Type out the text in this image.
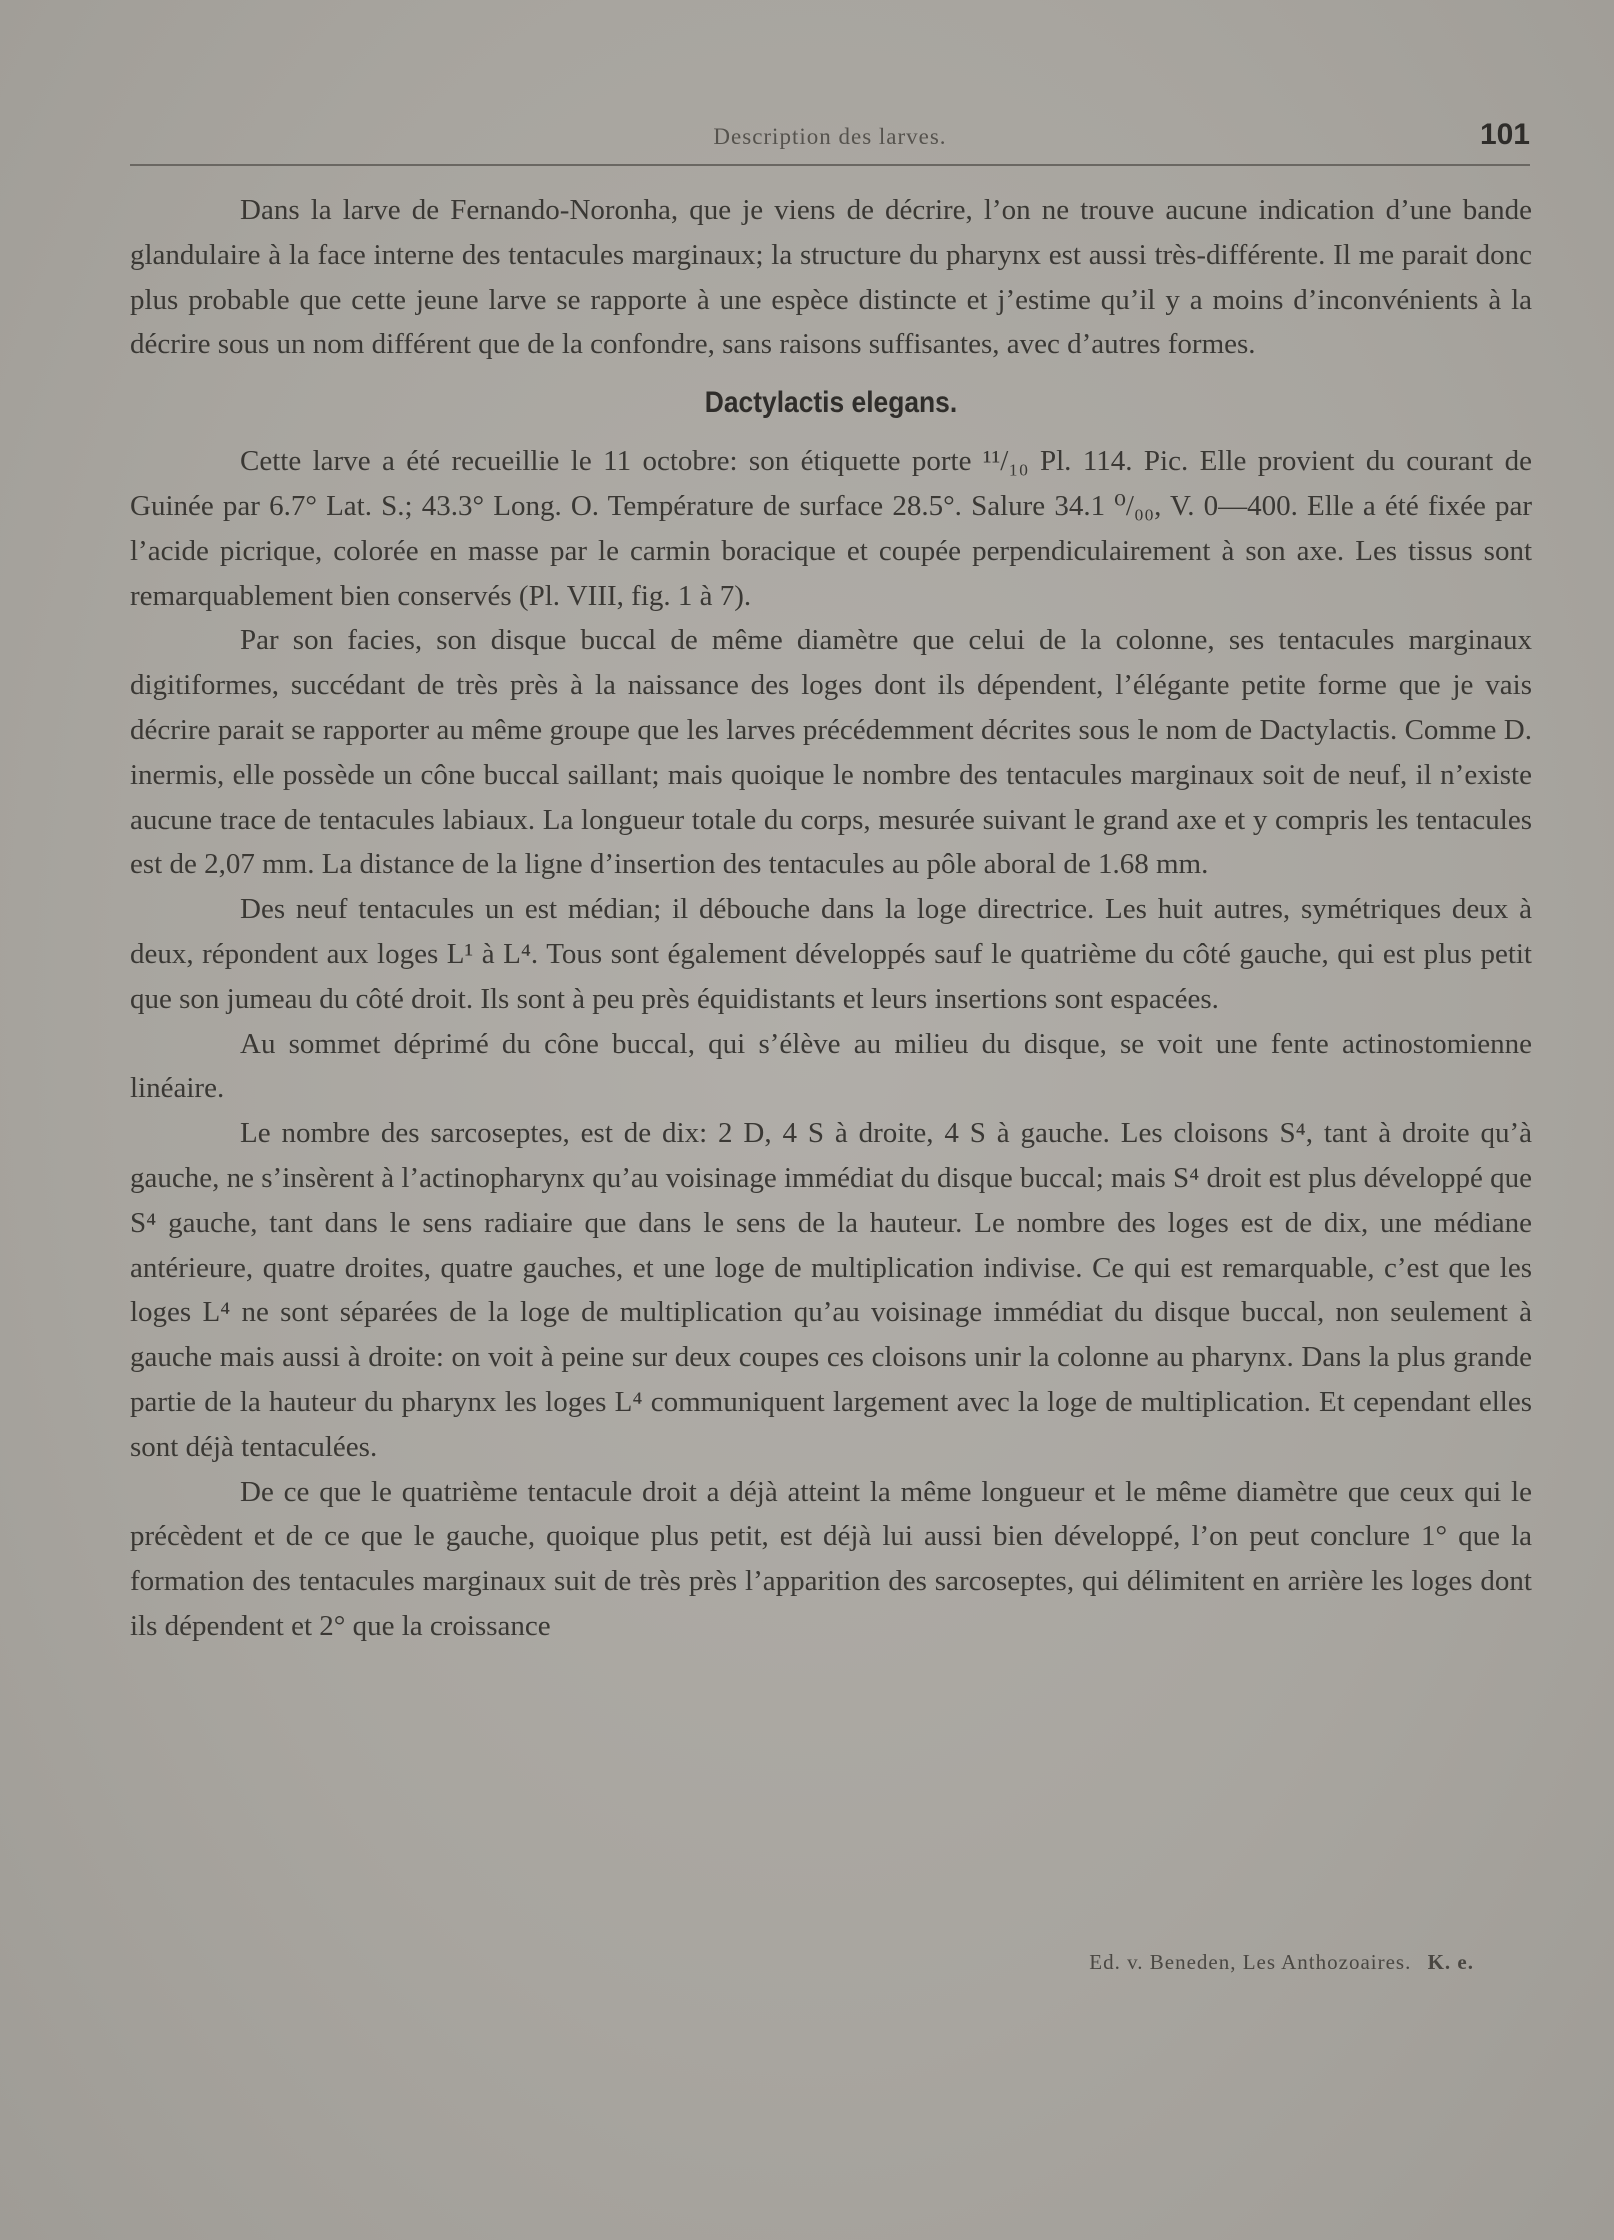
Description des larves.	101

Dans la larve de Fernando-Noronha, que je viens de décrire, l’on ne trouve aucune indication d’une bande glandulaire à la face interne des tentacules marginaux; la structure du pharynx est aussi très-différente. Il me parait donc plus probable que cette jeune larve se rapporte à une espèce distincte et j’estime qu’il y a moins d’inconvénients à la décrire sous un nom différent que de la confondre, sans raisons suffisantes, avec d’autres formes.

Dactylactis elegans.

Cette larve a été recueillie le 11 octobre: son étiquette porte ¹¹/₁₀ Pl. 114. Pic. Elle provient du courant de Guinée par 6.7° Lat. S.; 43.3° Long. O. Température de surface 28.5°. Salure 34.1 ⁰/₀₀, V. 0—400. Elle a été fixée par l’acide picrique, colorée en masse par le carmin boracique et coupée perpendiculairement à son axe. Les tissus sont remarquablement bien conservés (Pl. VIII, fig. 1 à 7).

Par son facies, son disque buccal de même diamètre que celui de la colonne, ses tentacules marginaux digitiformes, succédant de très près à la naissance des loges dont ils dépendent, l’élégante petite forme que je vais décrire parait se rapporter au même groupe que les larves précédemment décrites sous le nom de Dactylactis. Comme D. inermis, elle possède un cône buccal saillant; mais quoique le nombre des tentacules marginaux soit de neuf, il n’existe aucune trace de tentacules labiaux. La longueur totale du corps, mesurée suivant le grand axe et y compris les tentacules est de 2,07 mm. La distance de la ligne d’insertion des tentacules au pôle aboral de 1.68 mm.

Des neuf tentacules un est médian; il débouche dans la loge directrice. Les huit autres, symétriques deux à deux, répondent aux loges L¹ à L⁴. Tous sont également développés sauf le quatrième du côté gauche, qui est plus petit que son jumeau du côté droit. Ils sont à peu près équidistants et leurs insertions sont espacées.

Au sommet déprimé du cône buccal, qui s’élève au milieu du disque, se voit une fente actinostomienne linéaire.

Le nombre des sarcoseptes, est de dix: 2 D, 4 S à droite, 4 S à gauche. Les cloisons S⁴, tant à droite qu’à gauche, ne s’insèrent à l’actinopharynx qu’au voisinage immédiat du disque buccal; mais S⁴ droit est plus développé que S⁴ gauche, tant dans le sens radiaire que dans le sens de la hauteur. Le nombre des loges est de dix, une médiane antérieure, quatre droites, quatre gauches, et une loge de multiplication indivise. Ce qui est remarquable, c’est que les loges L⁴ ne sont séparées de la loge de multiplication qu’au voisinage immédiat du disque buccal, non seulement à gauche mais aussi à droite: on voit à peine sur deux coupes ces cloisons unir la colonne au pharynx. Dans la plus grande partie de la hauteur du pharynx les loges L⁴ communiquent largement avec la loge de multiplication. Et cependant elles sont déjà tentaculées.

De ce que le quatrième tentacule droit a déjà atteint la même longueur et le même diamètre que ceux qui le précèdent et de ce que le gauche, quoique plus petit, est déjà lui aussi bien développé, l’on peut conclure 1° que la formation des tentacules marginaux suit de très près l’apparition des sarcoseptes, qui délimitent en arrière les loges dont ils dépendent et 2° que la croissance

Ed. v. Beneden, Les Anthozoaires. K. e.
